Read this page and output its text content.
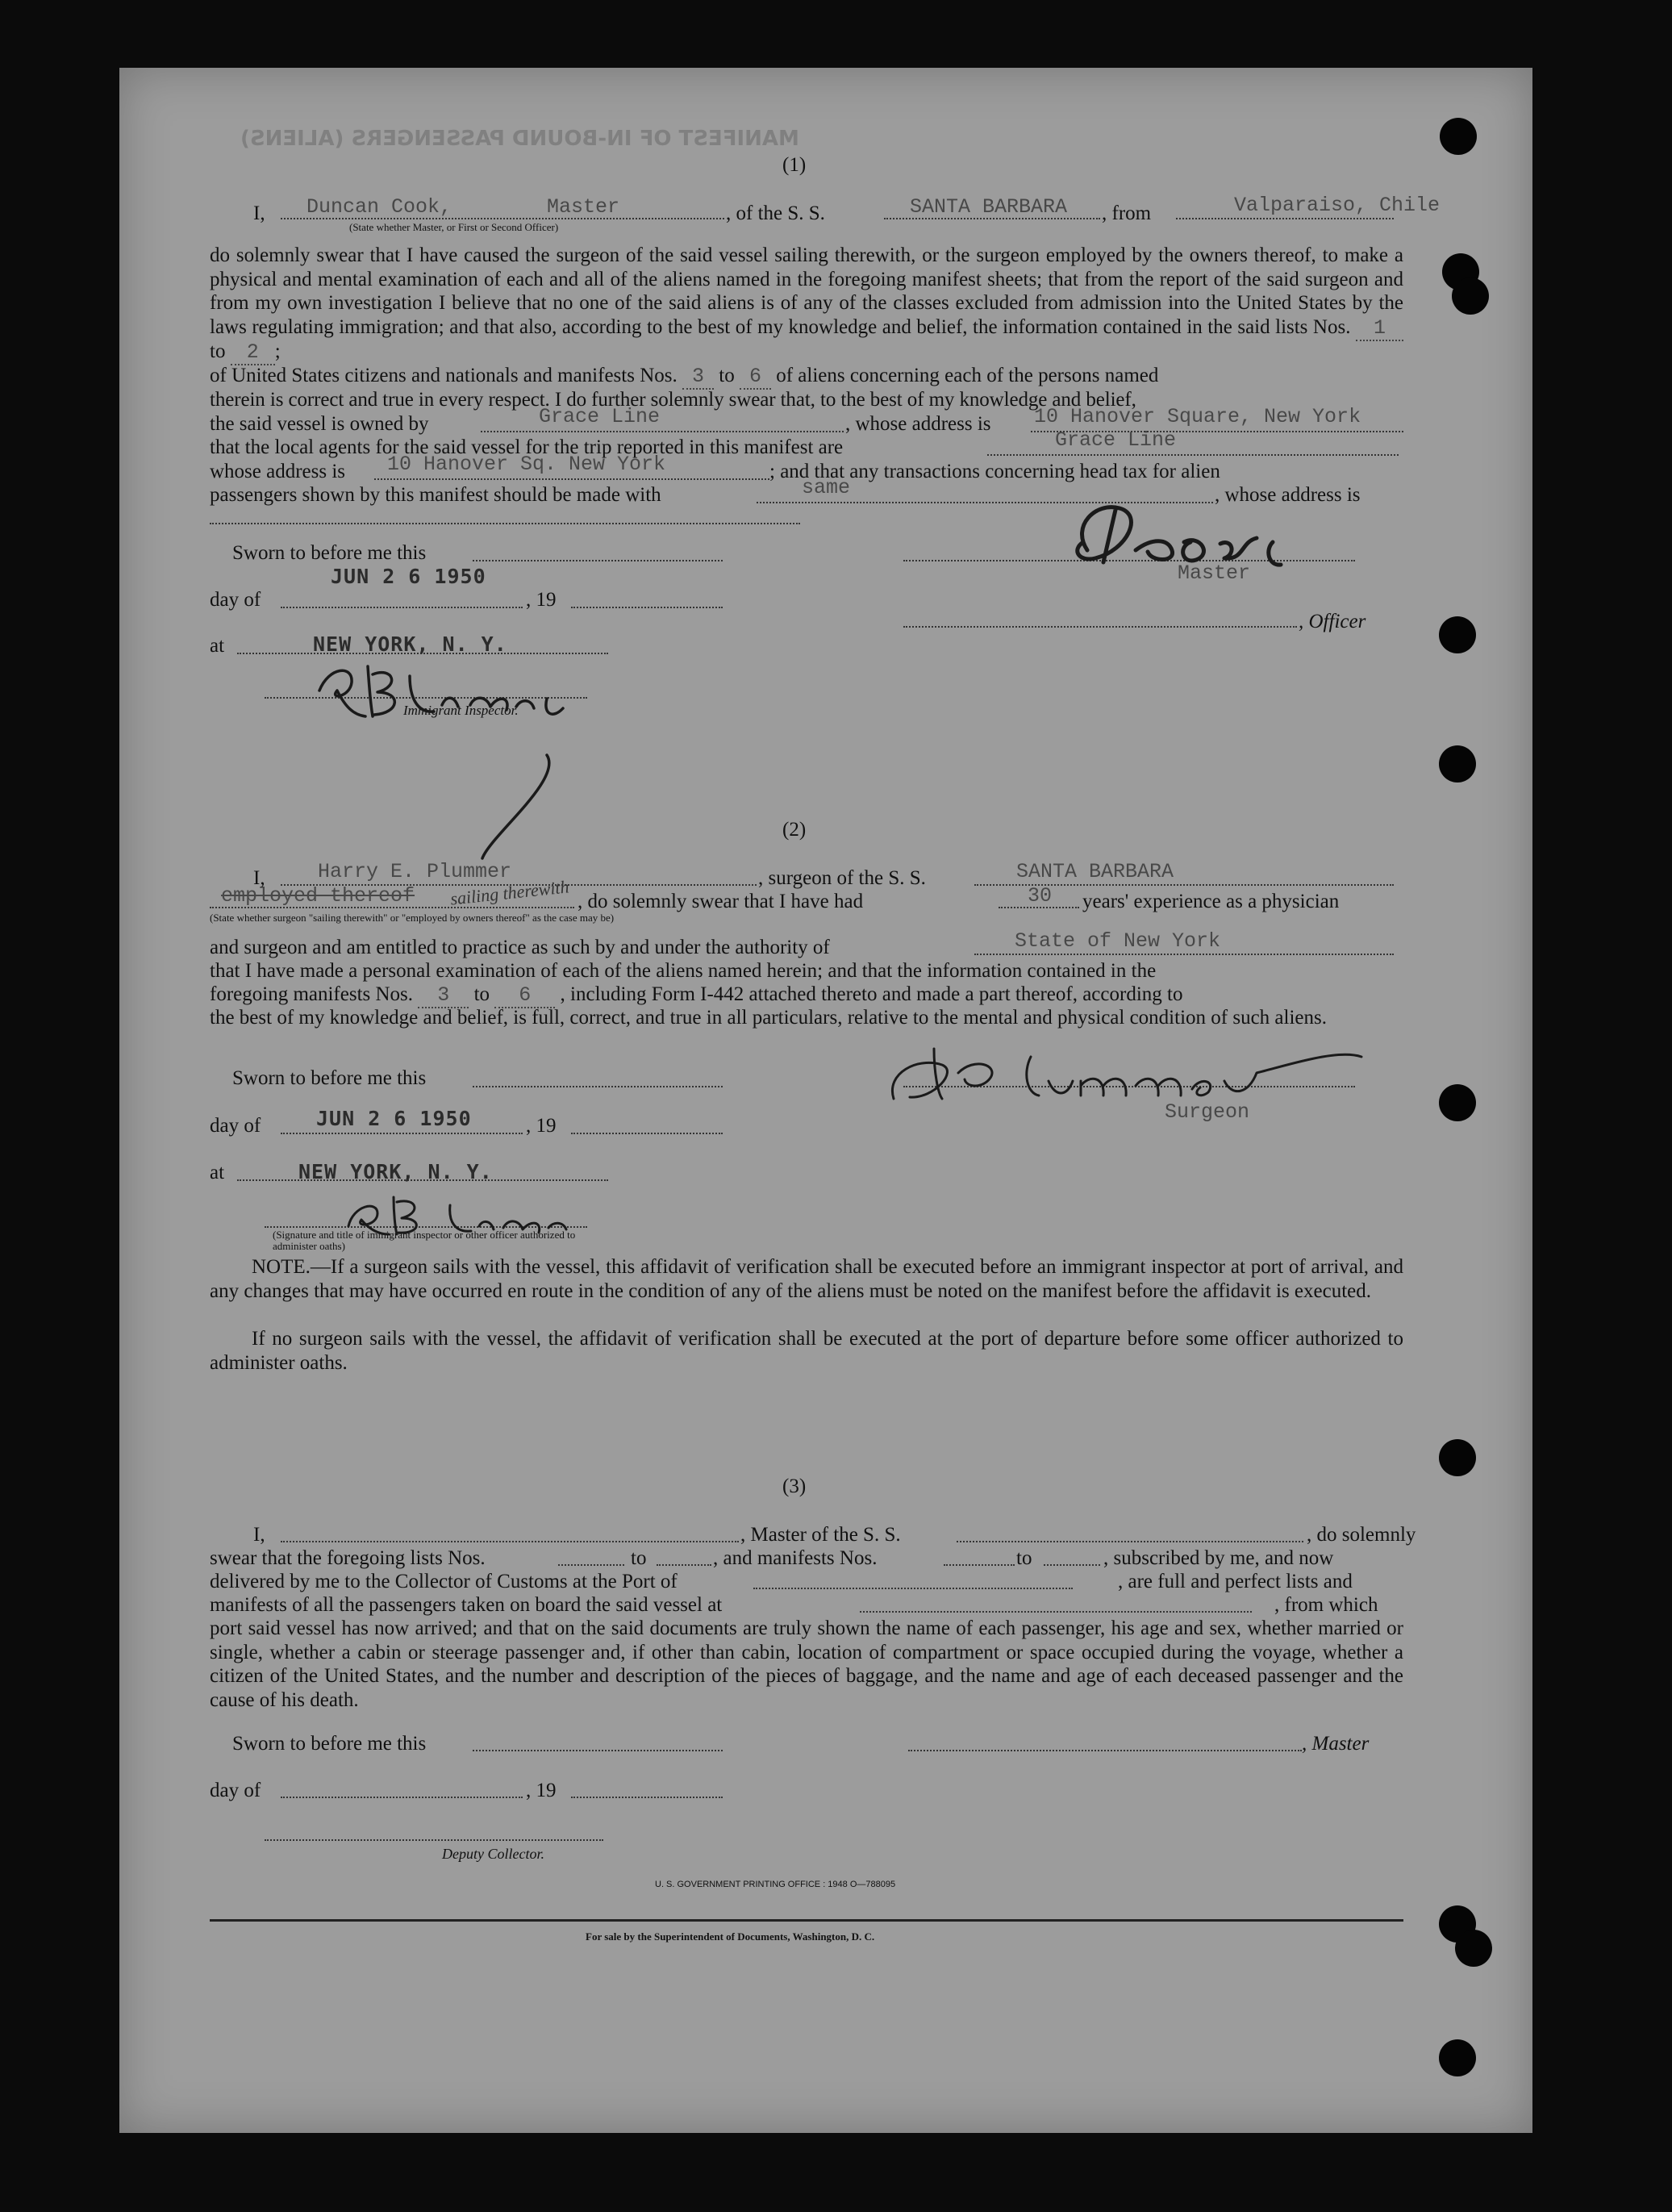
MANIFEST OF IN-BOUND PASSENGERS (ALIENS)
(1)
I, Duncan Cook,	Master
(State whether Master, or First or Second Officer)
, of the S. S.	SANTA BARBARA , from	Valparaiso, Chile
do solemnly swear that I have caused the surgeon of the said vessel sailing therewith, or the surgeon employed by the owners thereof, to make a physical and mental examination of each and all of the aliens named in the foregoing manifest sheets; that from the report of the said surgeon and from my own investigation I believe that no one of the said aliens is of any of the classes excluded from admission into the United States by the laws regulating immigration; and that also, according to the best of my knowledge and belief, the information contained in the said lists Nos. 1 to 2 ;
of United States citizens and nationals and manifests Nos. 3 to 6 of aliens concerning each of the persons named
therein is correct and true in every respect. I do further solemnly swear that, to the best of my knowledge and belief,
the said vessel is owned by	Grace Line	, whose address is 10 Hanover Square, New York
that the local agents for the said vessel for the trip reported in this manifest are	Grace Line
whose address is 10 Hanover Sq. New York	; and that any transactions concerning head tax for alien
passengers shown by this manifest should be made with	same	, whose address is
Sworn to before me this
day of
JUN 2 6 1950
, 19
Master
, Officer
at	NEW YORK, N. Y.
Immigrant Inspector.
(2)
I,	Harry E. Plummer	, surgeon of the S. S.	SANTA BARBARA
employed thereof sailing therewith , do solemnly swear that I have had	30 years' experience as a physician
(State whether surgeon "sailing therewith" or "employed by owners thereof" as the case may be)
and surgeon and am entitled to practice as such by and under the authority of	State of New York
that I have made a personal examination of each of the aliens named herein; and that the information contained in the
foregoing manifests Nos. 3 to 6 , including Form I-442 attached thereto and made a part thereof, according to
the best of my knowledge and belief, is full, correct, and true in all particulars, relative to the mental and physical condition of such aliens.
Sworn to before me this
Surgeon
day of	JUN 2 6 1950	, 19
at	NEW YORK, N. Y.
(Signature and title of immigrant inspector or other officer authorized to administer oaths)
NOTE.—If a surgeon sails with the vessel, this affidavit of verification shall be executed before an immigrant inspector at port of arrival, and any changes that may have occurred en route in the condition of any of the aliens must be noted on the manifest before the affidavit is executed.
If no surgeon sails with the vessel, the affidavit of verification shall be executed at the port of departure before some officer authorized to administer oaths.
(3)
I,	, Master of the S. S.	, do solemnly
swear that the foregoing lists Nos.	to	, and manifests Nos.	to	, subscribed by me, and now
delivered by me to the Collector of Customs at the Port of	, are full and perfect lists and
manifests of all the passengers taken on board the said vessel at	, from which
port said vessel has now arrived; and that on the said documents are truly shown the name of each passenger, his age and sex, whether married or single, whether a cabin or steerage passenger and, if other than cabin, location of compartment or space occupied during the voyage, whether a citizen of the United States, and the number and description of the pieces of baggage, and the name and age of each deceased passenger and the cause of his death.
Sworn to before me this	, Master
day of	, 19
Deputy Collector.
U. S. GOVERNMENT PRINTING OFFICE : 1948 O—788095
For sale by the Superintendent of Documents, Washington, D. C.
